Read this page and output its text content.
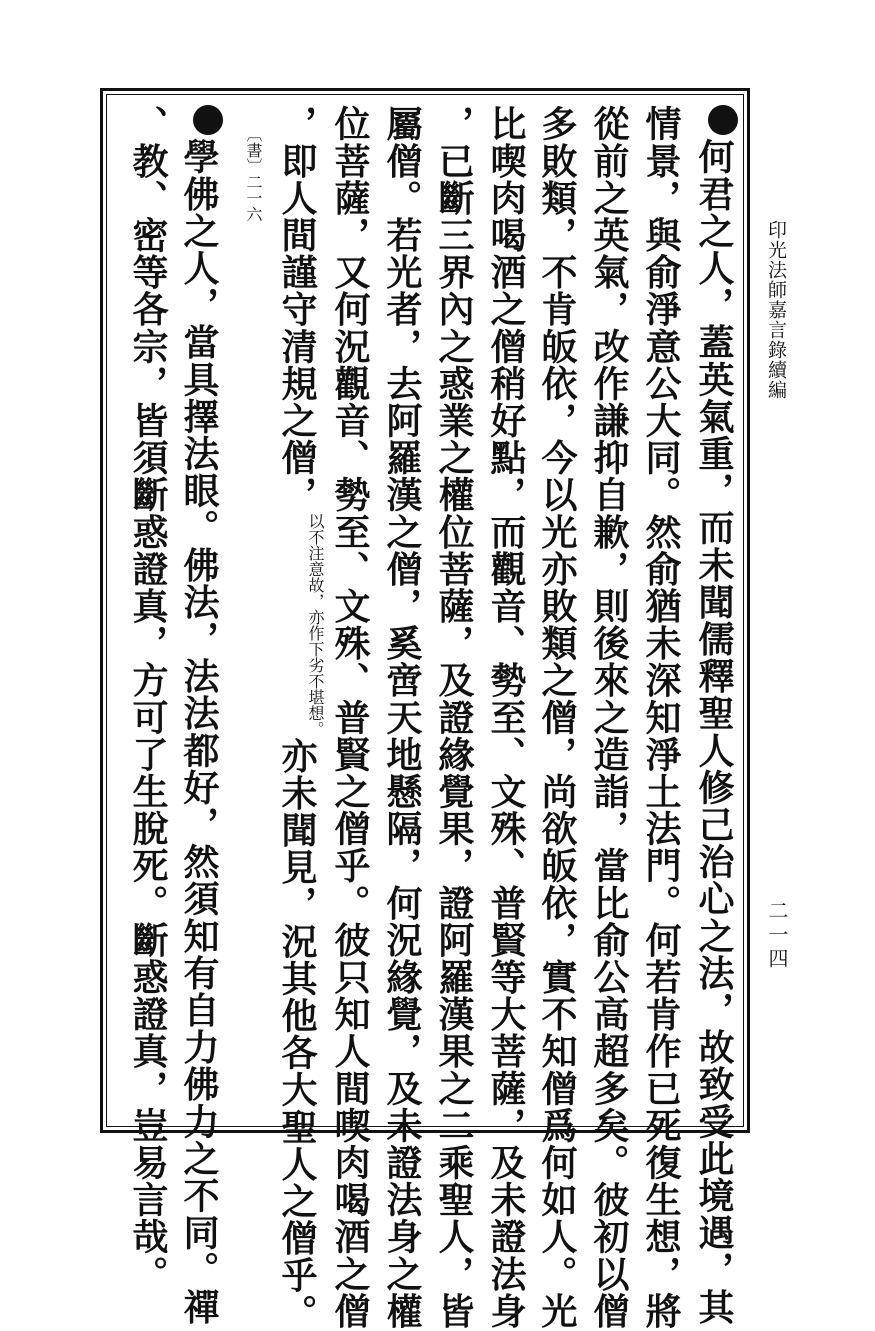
印光法師嘉言錄續編
二一四
何君之人，蓋英氣重，而未聞儒釋聖人修己治心之法，故致受此境遇，其
情景，與俞淨意公大同。然俞猶未深知淨土法門。何若肯作已死復生想，將
從前之英氣，改作謙抑自歉，則後來之造詣，當比俞公高超多矣。彼初以僧
多敗類，不肯皈依，今以光亦敗類之僧，尚欲皈依，實不知僧爲何如人。光
比喫肉喝酒之僧稍好點，而觀音、勢至、文殊、普賢等大菩薩，及未證法身
，已斷三界內之惑業之權位菩薩，及證緣覺果，證阿羅漢果之二乘聖人，皆
屬僧。若光者，去阿羅漢之僧，奚啻天地懸隔，何況緣覺，及未證法身之權
位菩薩，又何況觀音、勢至、文殊、普賢之僧乎。彼只知人間喫肉喝酒之僧
，即人間謹守清規之僧，以不注意故，亦作下劣不堪想。亦未聞見，況其他各大聖人之僧乎。
學佛之人，當具擇法眼。佛法，法法都好，然須知有自力佛力之不同。禪
、教、密等各宗，皆須斷惑證真，方可了生脫死。斷惑證真，豈易言哉。	〔書〕二一六
